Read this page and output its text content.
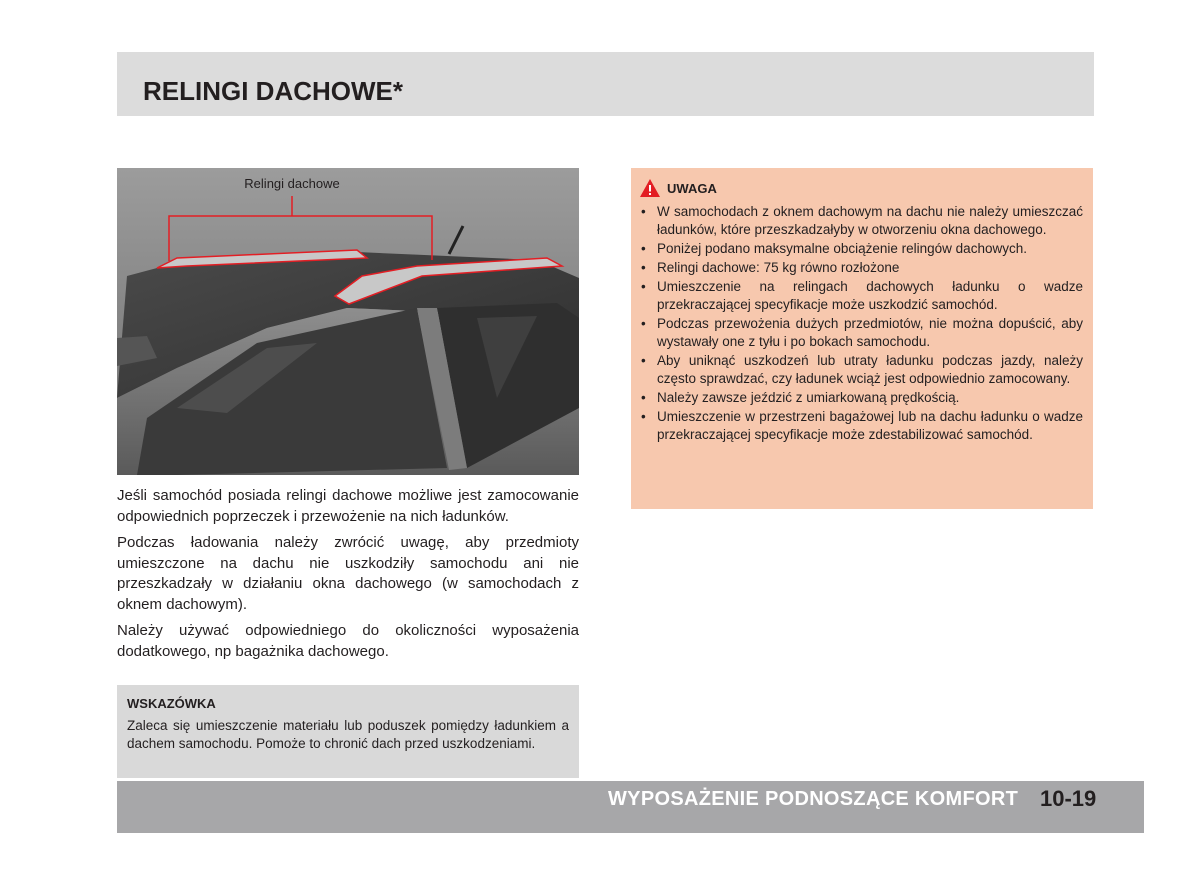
RELINGI DACHOWE*
Relingi dachowe

Jeśli samochód posiada relingi dachowe możliwe jest zamocowanie odpowiednich poprzeczek i przewożenie na nich ładunków.

Podczas ładowania należy zwrócić uwagę, aby przedmioty umieszczone na dachu nie uszkodziły samochodu ani nie przeszkadzały w działaniu okna dachowego (w samochodach z oknem dachowym).

Należy używać odpowiedniego do okoliczności wyposażenia dodatkowego, np bagażnika dachowego.

WSKAZÓWKA

Zaleca się umieszczenie materiału lub poduszek pomiędzy ładunkiem a dachem samochodu. Pomoże to chronić dach przed uszkodzeniami.

UWAGA
• W samochodach z oknem dachowym na dachu nie należy umieszczać ładunków, które przeszkadzałyby w otworzeniu okna dachowego.
• Poniżej podano maksymalne obciążenie relingów dachowych.
• Relingi dachowe: 75 kg równo rozłożone
• Umieszczenie na relingach dachowych ładunku o wadze przekraczającej specyfikacje może uszkodzić samochód.
• Podczas przewożenia dużych przedmiotów, nie można dopuścić, aby wystawały one z tyłu i po bokach samochodu.
• Aby uniknąć uszkodzeń lub utraty ładunku podczas jazdy, należy często sprawdzać, czy ładunek wciąż jest odpowiednio zamocowany.
• Należy zawsze jeździć z umiarkowaną prędkością.
• Umieszczenie w przestrzeni bagażowej lub na dachu ładunku o wadze przekraczającej specyfikacje może zdestabilizować samochód.
WYPOSAŻENIE PODNOSZĄCE KOMFORT 10-19
